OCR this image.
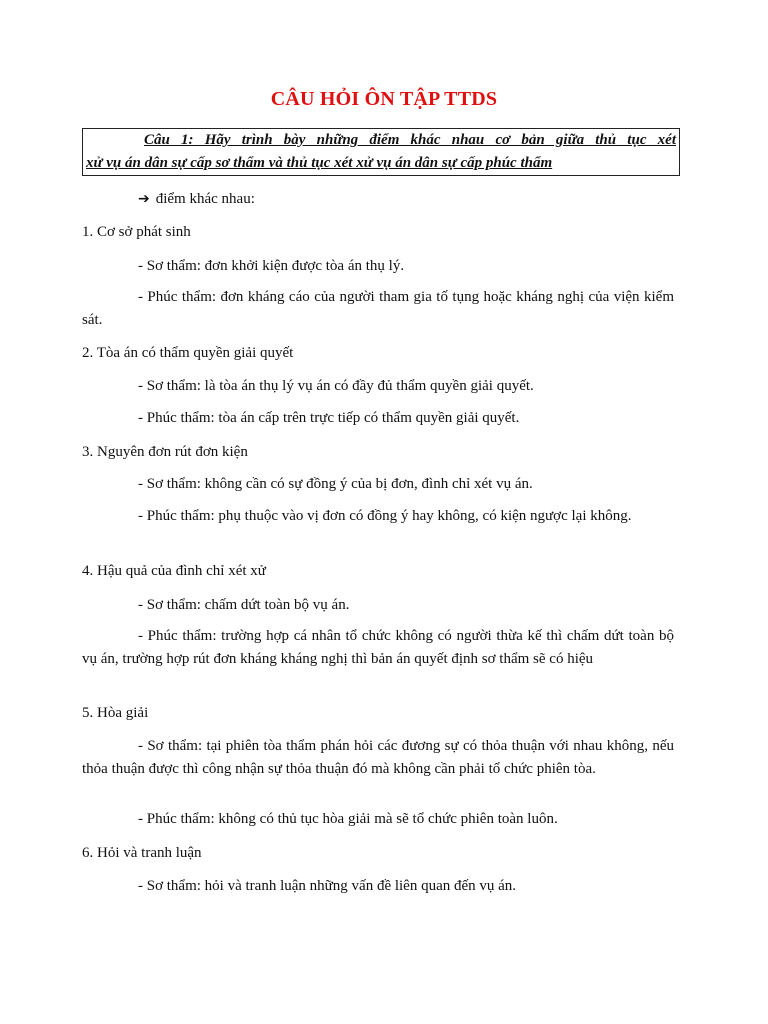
CÂU HỎI ÔN TẬP TTDS
Câu 1: Hãy trình bày những điểm khác nhau cơ bản giữa thủ tục xét
xử vụ án dân sự cấp sơ thẩm và thủ tục xét xử vụ án dân sự cấp phúc thẩm
➔ điểm khác nhau:
1. Cơ sở phát sinh
- Sơ thẩm: đơn khởi kiện được tòa án thụ lý.
- Phúc thẩm: đơn kháng cáo của người tham gia tố tụng hoặc kháng nghị của viện kiểm sát.
2. Tòa án có thẩm quyền giải quyết
- Sơ thẩm: là tòa án thụ lý vụ án có đầy đủ thẩm quyền giải quyết.
- Phúc thẩm: tòa án cấp trên trực tiếp có thẩm quyền giải quyết.
3. Nguyên đơn rút đơn kiện
- Sơ thẩm: không cần có sự đồng ý của bị đơn, đình chỉ xét vụ án.
- Phúc thẩm: phụ thuộc vào vị đơn có đồng ý hay không, có kiện ngược lại không.
4. Hậu quả của đình chỉ xét xử
- Sơ thẩm: chấm dứt toàn bộ vụ án.
- Phúc thẩm: trường hợp cá nhân tổ chức không có người thừa kế thì chấm dứt toàn bộ vụ án, trường hợp rút đơn kháng kháng nghị thì bản án quyết định sơ thẩm sẽ có hiệu
5. Hòa giải
- Sơ thẩm: tại phiên tòa thẩm phán hỏi các đương sự có thỏa thuận với nhau không, nếu thỏa thuận được thì công nhận sự thỏa thuận đó mà không cần phải tổ chức phiên tòa.
- Phúc thẩm: không có thủ tục hòa giải mà sẽ tổ chức phiên toàn luôn.
6. Hỏi và tranh luận
- Sơ thẩm: hỏi và tranh luận những vấn đề liên quan đến vụ án.
